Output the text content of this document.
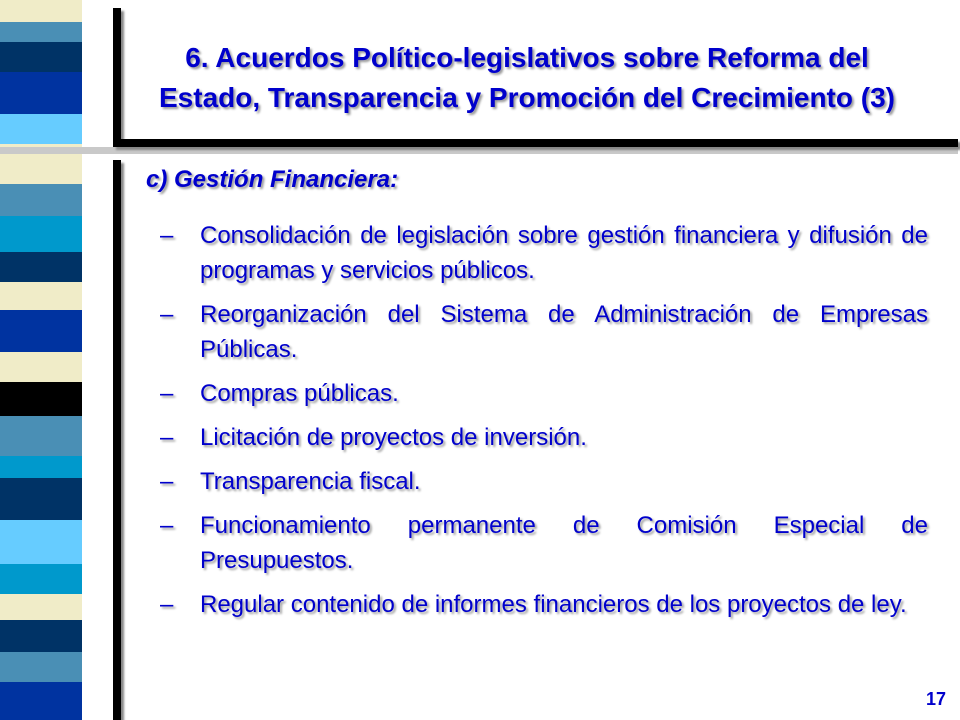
6. Acuerdos Político-legislativos sobre Reforma del
Estado, Transparencia y Promoción del Crecimiento (3)
c) Gestión Financiera:
– Consolidación de legislación sobre gestión financiera y difusión de programas y servicios públicos.
– Reorganización del Sistema de Administración de Empresas Públicas.
– Compras públicas.
– Licitación de proyectos de inversión.
– Transparencia fiscal.
– Funcionamiento permanente de Comisión Especial de Presupuestos.
– Regular contenido de informes financieros de los proyectos de ley.
17
